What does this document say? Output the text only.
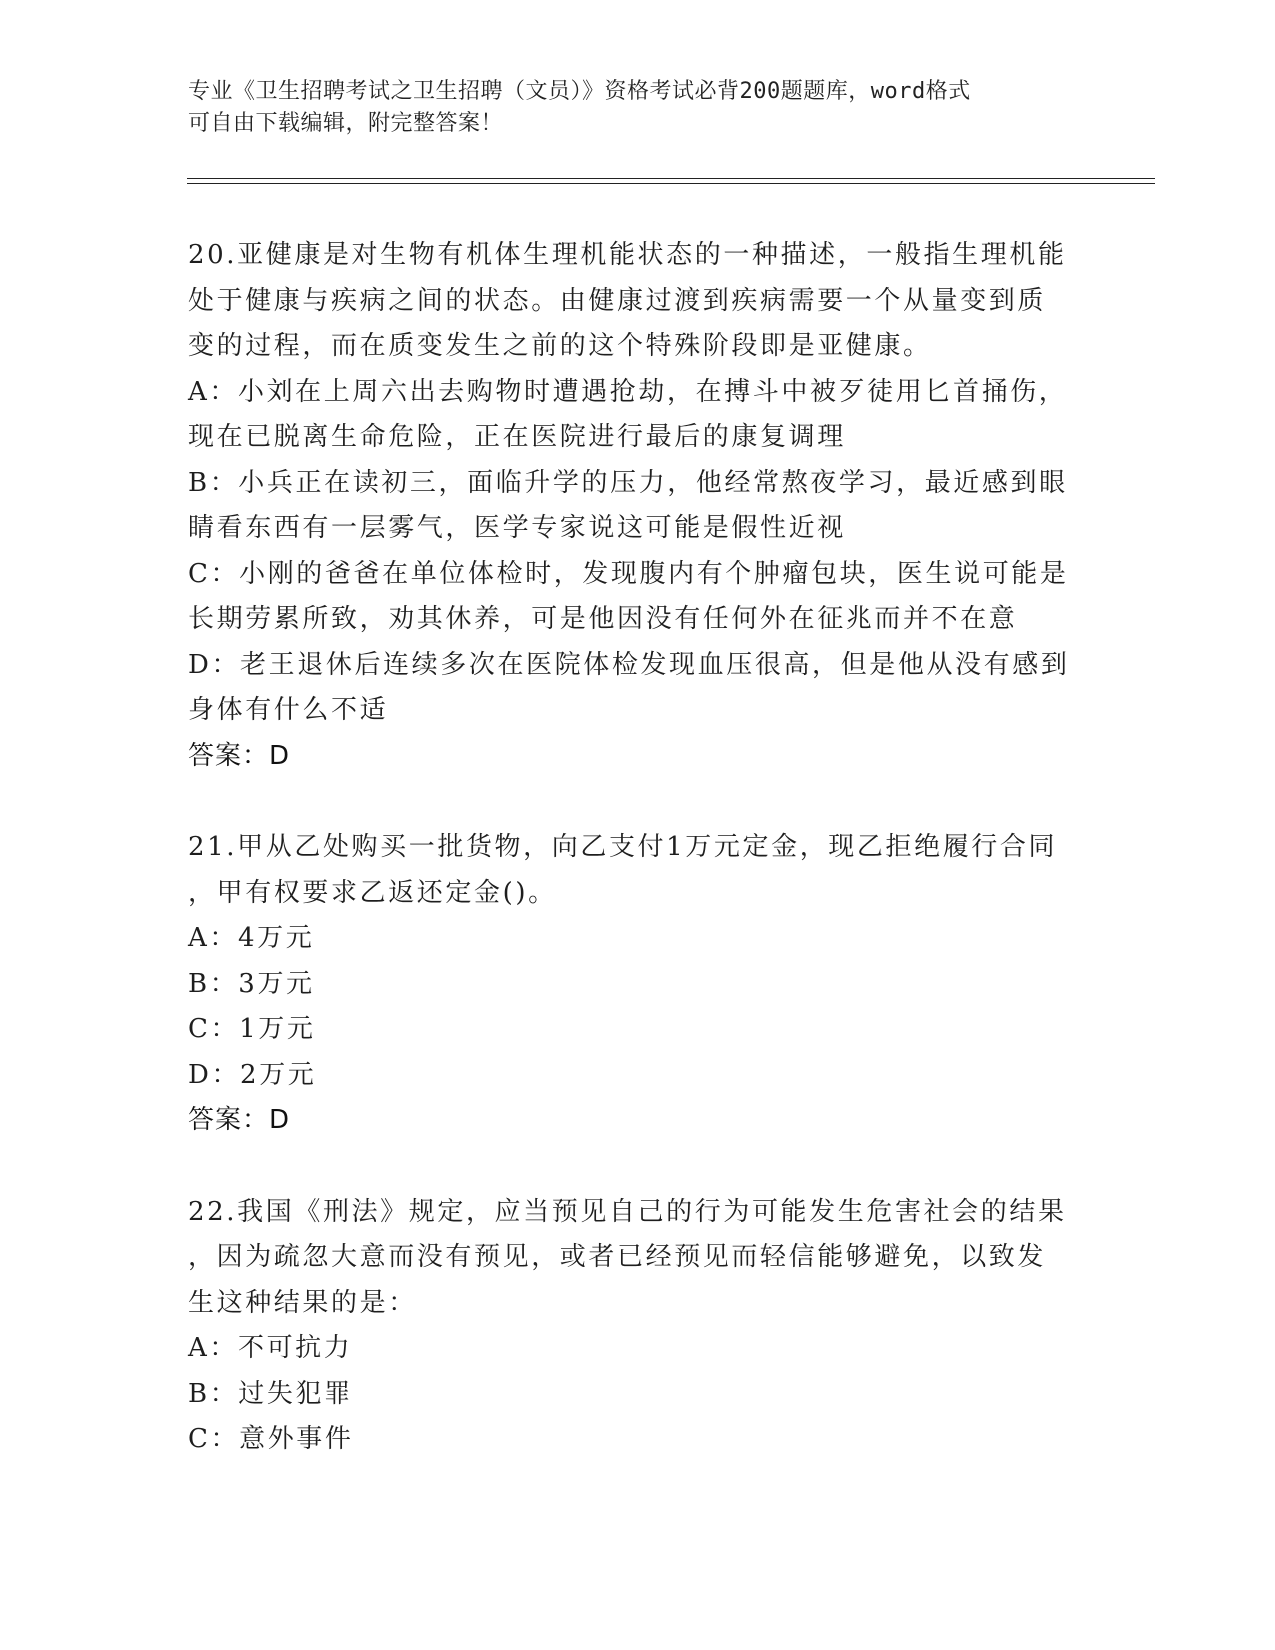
专业《卫生招聘考试之卫生招聘（文员）》资格考试必背200题题库，word格式
可自由下载编辑，附完整答案！
20.亚健康是对生物有机体生理机能状态的一种描述，一般指生理机能
处于健康与疾病之间的状态。由健康过渡到疾病需要一个从量变到质
变的过程，而在质变发生之前的这个特殊阶段即是亚健康。
A：小刘在上周六出去购物时遭遇抢劫，在搏斗中被歹徒用匕首捅伤，
现在已脱离生命危险，正在医院进行最后的康复调理
B：小兵正在读初三，面临升学的压力，他经常熬夜学习，最近感到眼
睛看东西有一层雾气，医学专家说这可能是假性近视
C：小刚的爸爸在单位体检时，发现腹内有个肿瘤包块，医生说可能是
长期劳累所致，劝其休养，可是他因没有任何外在征兆而并不在意
D：老王退休后连续多次在医院体检发现血压很高，但是他从没有感到
身体有什么不适
答案：D
21.甲从乙处购买一批货物，向乙支付1万元定金，现乙拒绝履行合同
，甲有权要求乙返还定金()。
A：4万元
B：3万元
C：1万元
D：2万元
答案：D
22.我国《刑法》规定，应当预见自己的行为可能发生危害社会的结果
，因为疏忽大意而没有预见，或者已经预见而轻信能够避免，以致发
生这种结果的是：
A：不可抗力
B：过失犯罪
C：意外事件
